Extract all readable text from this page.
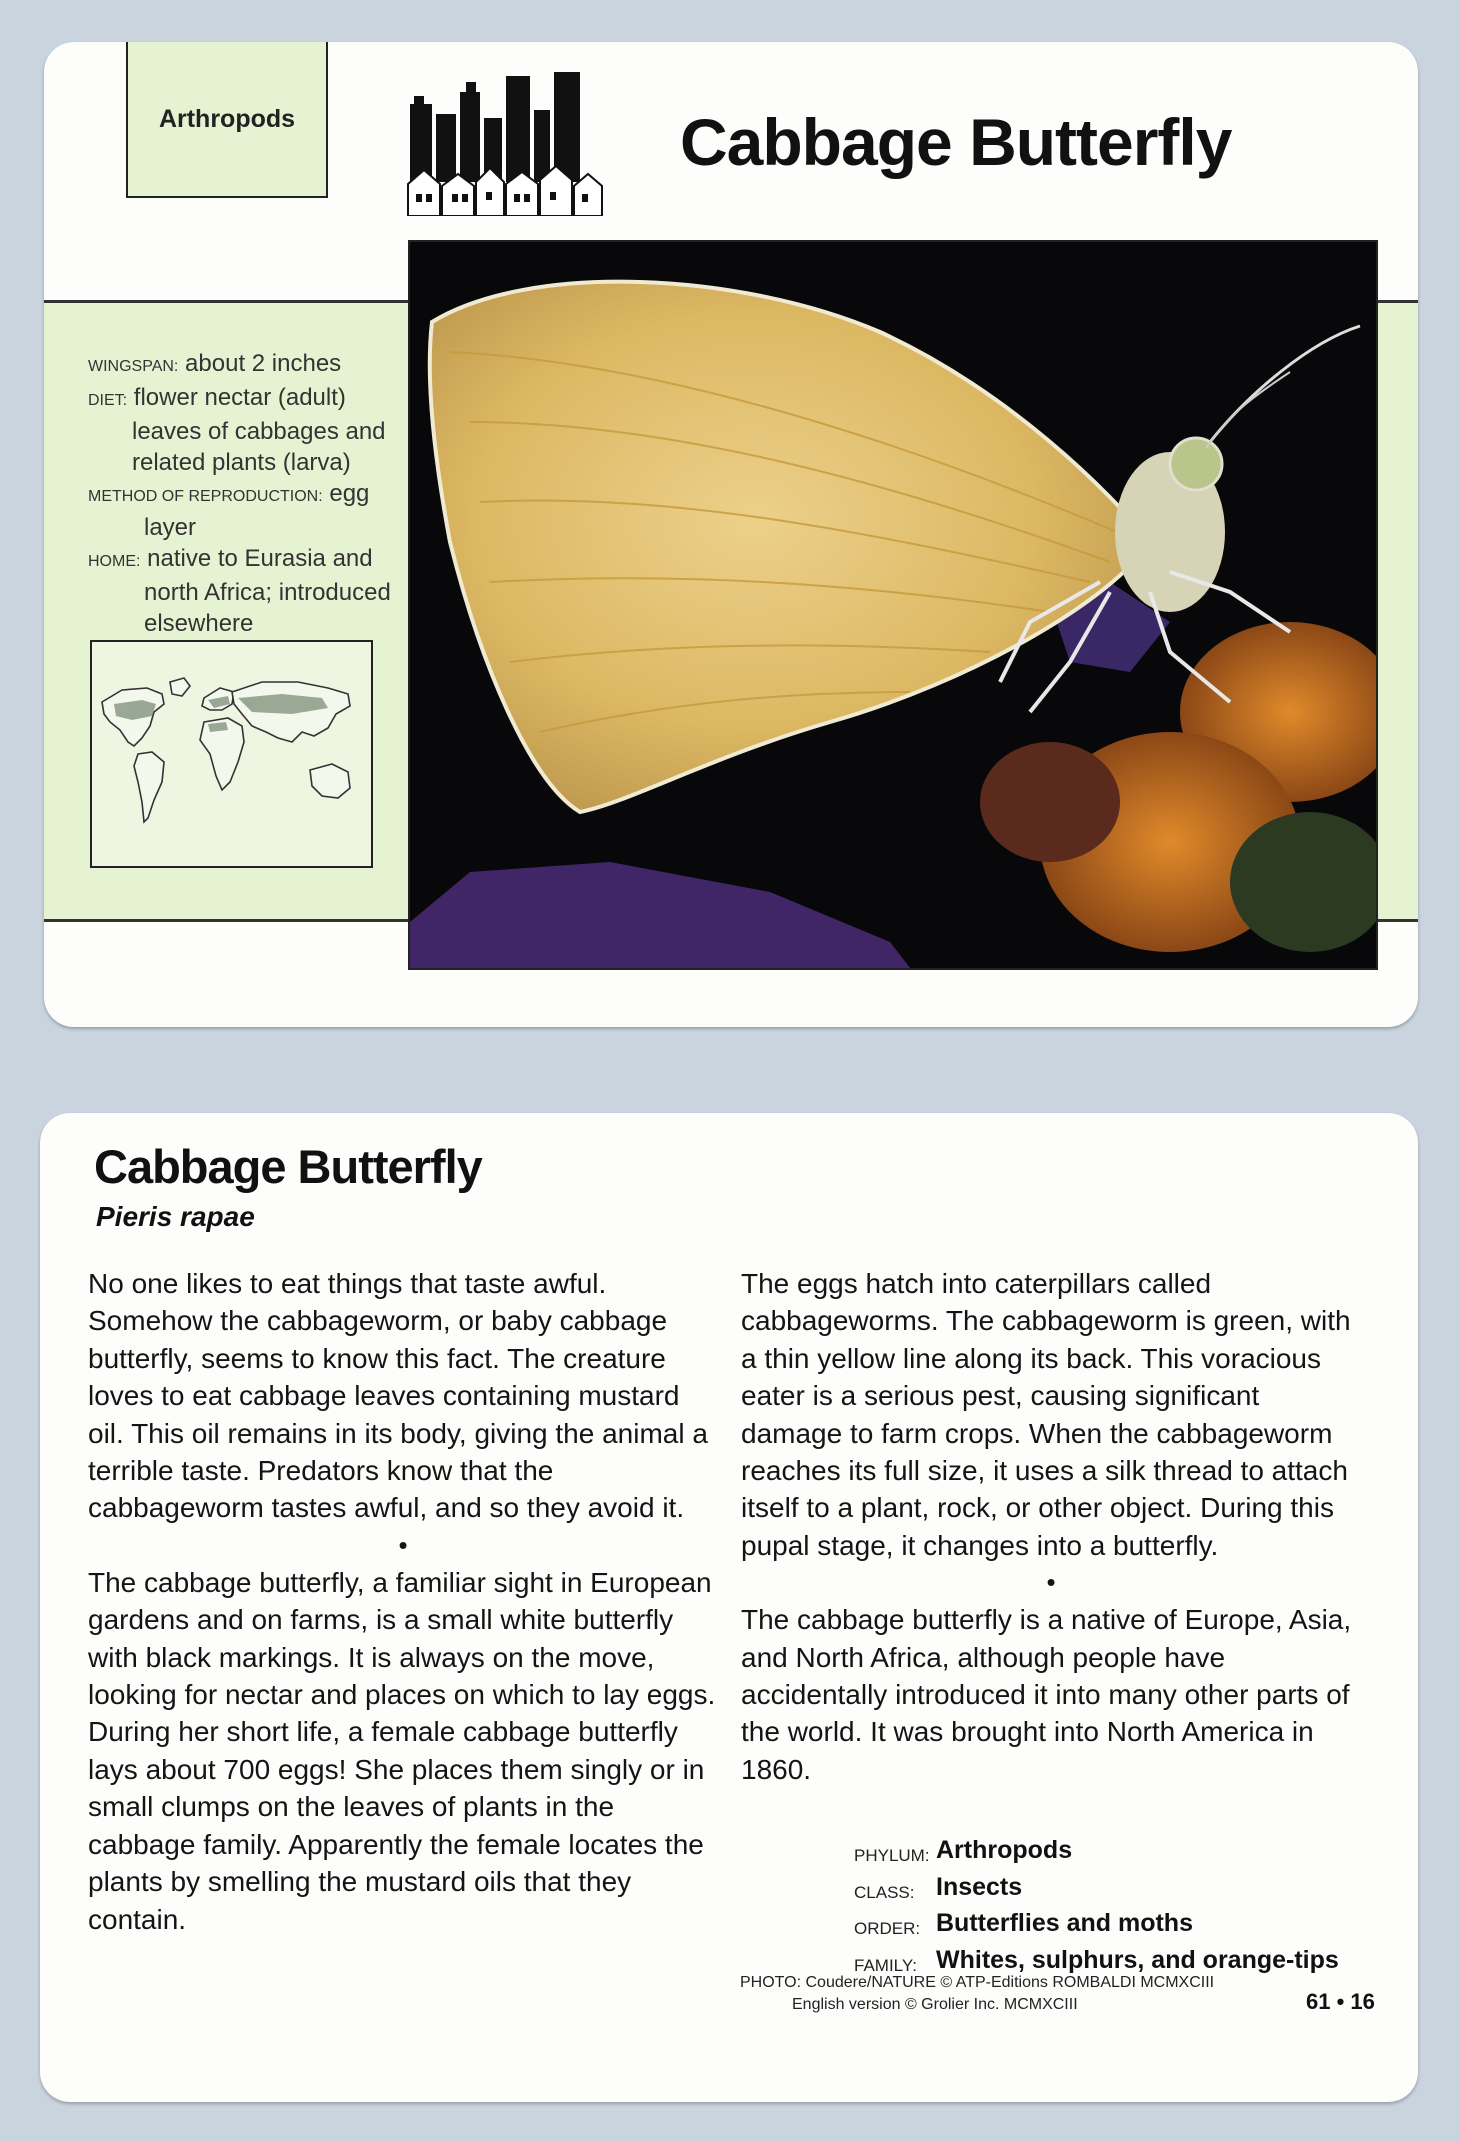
Arthropods	Cabbage Butterfly
WINGSPAN: about 2 inches
DIET: flower nectar (adult)
leaves of cabbages and
related plants (larva)
METHOD OF REPRODUCTION: egg
layer
HOME: native to Eurasia and
north Africa; introduced
elsewhere
Cabbage Butterfly
Pieris rapae

No one likes to eat things that taste awful. Somehow the cabbageworm, or baby cabbage butterfly, seems to know this fact. The creature loves to eat cabbage leaves containing mustard oil. This oil remains in its body, giving the animal a terrible taste. Predators know that the cabbageworm tastes awful, and so they avoid it.

•

The cabbage butterfly, a familiar sight in European gardens and on farms, is a small white butterfly with black markings. It is always on the move, looking for nectar and places on which to lay eggs. During her short life, a female cabbage butterfly lays about 700 eggs! She places them singly or in small clumps on the leaves of plants in the cabbage family. Apparently the female locates the plants by smelling the mustard oils that they contain.

The eggs hatch into caterpillars called cabbageworms. The cabbageworm is green, with a thin yellow line along its back. This voracious eater is a serious pest, causing significant damage to farm crops. When the cabbageworm reaches its full size, it uses a silk thread to attach itself to a plant, rock, or other object. During this pupal stage, it changes into a butterfly.

•

The cabbage butterfly is a native of Europe, Asia, and North Africa, although people have accidentally introduced it into many other parts of the world. It was brought into North America in 1860.

PHYLUM: Arthropods
CLASS: Insects
ORDER: Butterflies and moths
FAMILY: Whites, sulphurs, and orange-tips
PHOTO: Coudere/NATURE © ATP-Editions ROMBALDI MCMXCIII
English version © Grolier Inc. MCMXCIII	61 • 16
